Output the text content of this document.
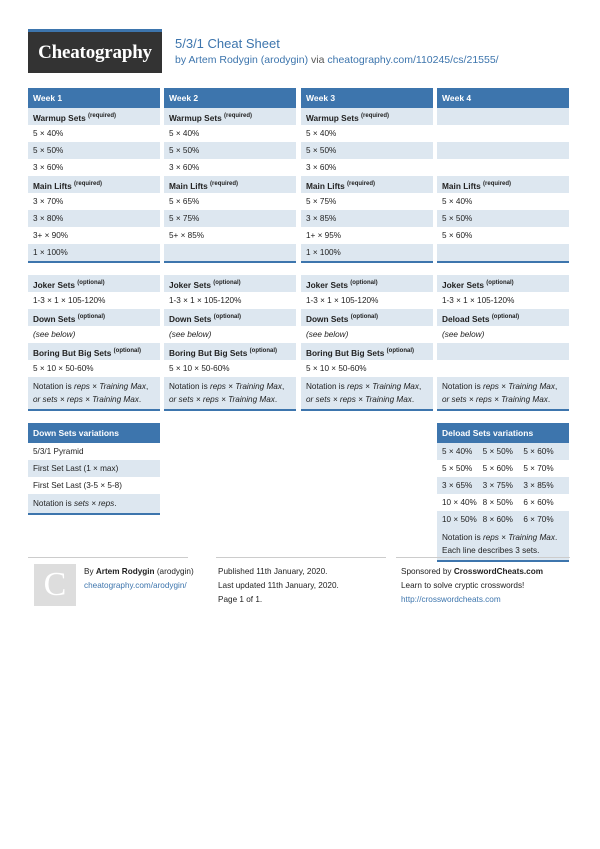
Cheatography	5/3/1 Cheat Sheet
by Artem Rodygin (arodygin) via cheatography.com/110245/cs/21555/
Week 1
Warmup Sets $^{(required)}$
5 × 40%
5 × 50%
3 × 60%
Main Lifts $^{(required)}$
3 × 70%
3 × 80%
3+ × 90%
1 × 100%
Joker Sets $^{(optional)}$
1-3 × 1 × 105-120%
Down Sets $^{(optional)}$
(see below)
Boring But Big Sets $^{(optional)}$
5 × 10 × 50-60%
Notation is reps × Training Max,
or sets × reps × Training Max.
Down Sets variations
5/3/1 Pyramid
First Set Last (1 × max)
First Set Last (3-5 × 5-8)
Notation is sets × reps.
Week 2
Warmup Sets $^{(required)}$
5 × 40%
5 × 50%
3 × 60%
Main Lifts $^{(required)}$
5 × 65%
5 × 75%
5+ × 85%
Joker Sets $^{(optional)}$
1-3 × 1 × 105-120%
Down Sets $^{(optional)}$
(see below)
Boring But Big Sets $^{(optional)}$
5 × 10 × 50-60%
Notation is reps × Training Max,
or sets × reps × Training Max.
Week 3
Warmup Sets $^{(required)}$
5 × 40%
5 × 50%
3 × 60%
Main Lifts $^{(required)}$
5 × 75%
3 × 85%
1+ × 95%
1 × 100%
Joker Sets $^{(optional)}$
1-3 × 1 × 105-120%
Down Sets $^{(optional)}$
(see below)
Boring But Big Sets $^{(optional)}$
5 × 10 × 50-60%
Notation is reps × Training Max,
or sets × reps × Training Max.
Week 4
Main Lifts $^{(required)}$
5 × 40%
5 × 50%
5 × 60%
Joker Sets $^{(optional)}$
1-3 × 1 × 105-120%
Deload Sets $^{(optional)}$
(see below)
Notation is reps × Training Max,
or sets × reps × Training Max.
Deload Sets variations
5 × 40%	5 × 50%	5 × 60%
5 × 50%	5 × 60%	5 × 70%
3 × 65%	3 × 75%	3 × 85%
10 × 40% 8 × 50%	6 × 60%
10 × 50% 8 × 60%	6 × 70%
Notation is reps × Training Max.
Each line describes 3 sets.
C	By Artem Rodygin (arodygin)
cheatography.com/arodygin/
Published 11th January, 2020.
Last updated 11th January, 2020.
Page 1 of 1.
Sponsored by CrosswordCheats.com
Learn to solve cryptic crosswords!
http://crosswordcheats.com
